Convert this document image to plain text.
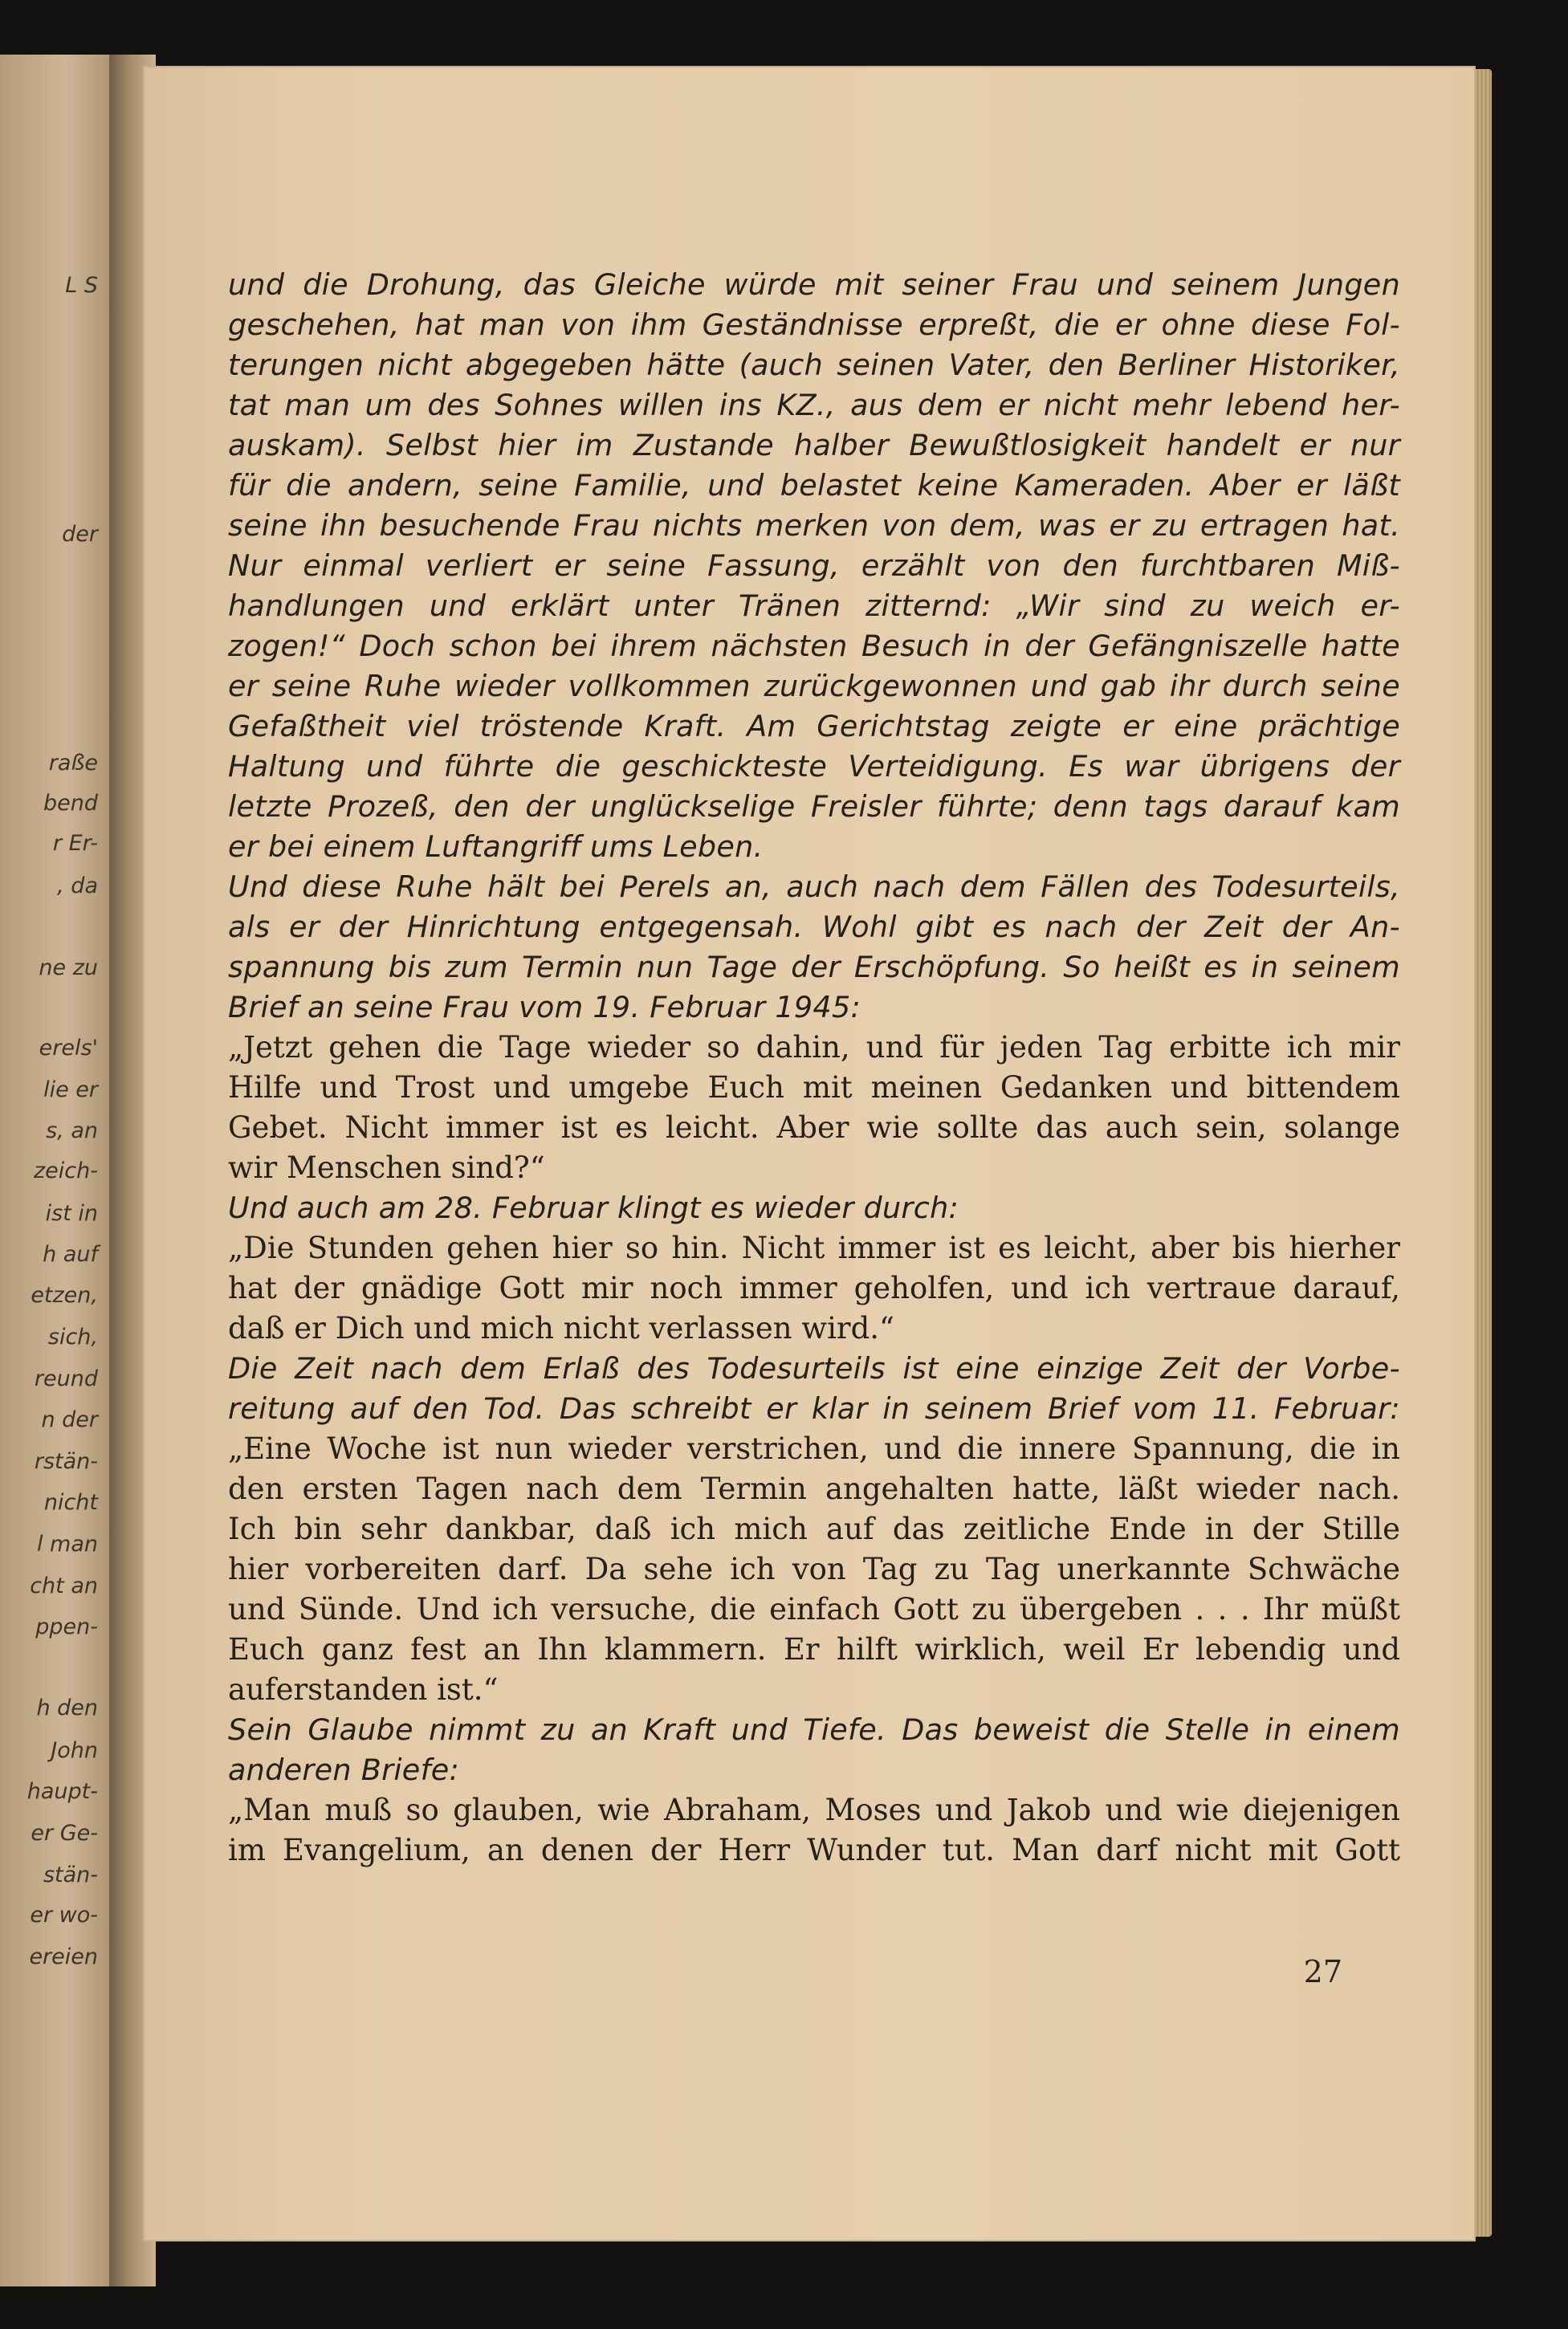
L S
der
raße
bend
r Er-
, da
ne zu
erels'
lie er
s, an
zeich-
ist in
h auf
etzen,
sich,
reund
n der
rstän-
nicht
l man
cht an
ppen-
h den
John
haupt-
er Ge-
stän-
er wo-
ereien

und die Drohung, das Gleiche würde mit seiner Frau und seinem Jungen

geschehen, hat man von ihm Geständnisse erpreßt, die er ohne diese Fol-

terungen nicht abgegeben hätte (auch seinen Vater, den Berliner Historiker,

tat man um des Sohnes willen ins KZ., aus dem er nicht mehr lebend her-

auskam). Selbst hier im Zustande halber Bewußtlosigkeit handelt er nur

für die andern, seine Familie, und belastet keine Kameraden. Aber er läßt

seine ihn besuchende Frau nichts merken von dem, was er zu ertragen hat.

Nur einmal verliert er seine Fassung, erzählt von den furchtbaren Miß-

handlungen und erklärt unter Tränen zitternd: „Wir sind zu weich er-

zogen!“ Doch schon bei ihrem nächsten Besuch in der Gefängniszelle hatte

er seine Ruhe wieder vollkommen zurückgewonnen und gab ihr durch seine

Gefaßtheit viel tröstende Kraft. Am Gerichtstag zeigte er eine prächtige

Haltung und führte die geschickteste Verteidigung. Es war übrigens der

letzte Prozeß, den der unglückselige Freisler führte; denn tags darauf kam

er bei einem Luftangriff ums Leben.

Und diese Ruhe hält bei Perels an, auch nach dem Fällen des Todesurteils,

als er der Hinrichtung entgegensah. Wohl gibt es nach der Zeit der An-

spannung bis zum Termin nun Tage der Erschöpfung. So heißt es in seinem

Brief an seine Frau vom 19. Februar 1945:

„Jetzt gehen die Tage wieder so dahin, und für jeden Tag erbitte ich mir

Hilfe und Trost und umgebe Euch mit meinen Gedanken und bittendem

Gebet. Nicht immer ist es leicht. Aber wie sollte das auch sein, solange

wir Menschen sind?“

Und auch am 28. Februar klingt es wieder durch:

„Die Stunden gehen hier so hin. Nicht immer ist es leicht, aber bis hierher

hat der gnädige Gott mir noch immer geholfen, und ich vertraue darauf,

daß er Dich und mich nicht verlassen wird.“

Die Zeit nach dem Erlaß des Todesurteils ist eine einzige Zeit der Vorbe-

reitung auf den Tod. Das schreibt er klar in seinem Brief vom 11. Februar:

„Eine Woche ist nun wieder verstrichen, und die innere Spannung, die in

den ersten Tagen nach dem Termin angehalten hatte, läßt wieder nach.

Ich bin sehr dankbar, daß ich mich auf das zeitliche Ende in der Stille

hier vorbereiten darf. Da sehe ich von Tag zu Tag unerkannte Schwäche

und Sünde. Und ich versuche, die einfach Gott zu übergeben . . . Ihr müßt

Euch ganz fest an Ihn klammern. Er hilft wirklich, weil Er lebendig und

auferstanden ist.“

Sein Glaube nimmt zu an Kraft und Tiefe. Das beweist die Stelle in einem

anderen Briefe:

„Man muß so glauben, wie Abraham, Moses und Jakob und wie diejenigen

im Evangelium, an denen der Herr Wunder tut. Man darf nicht mit Gott

27
